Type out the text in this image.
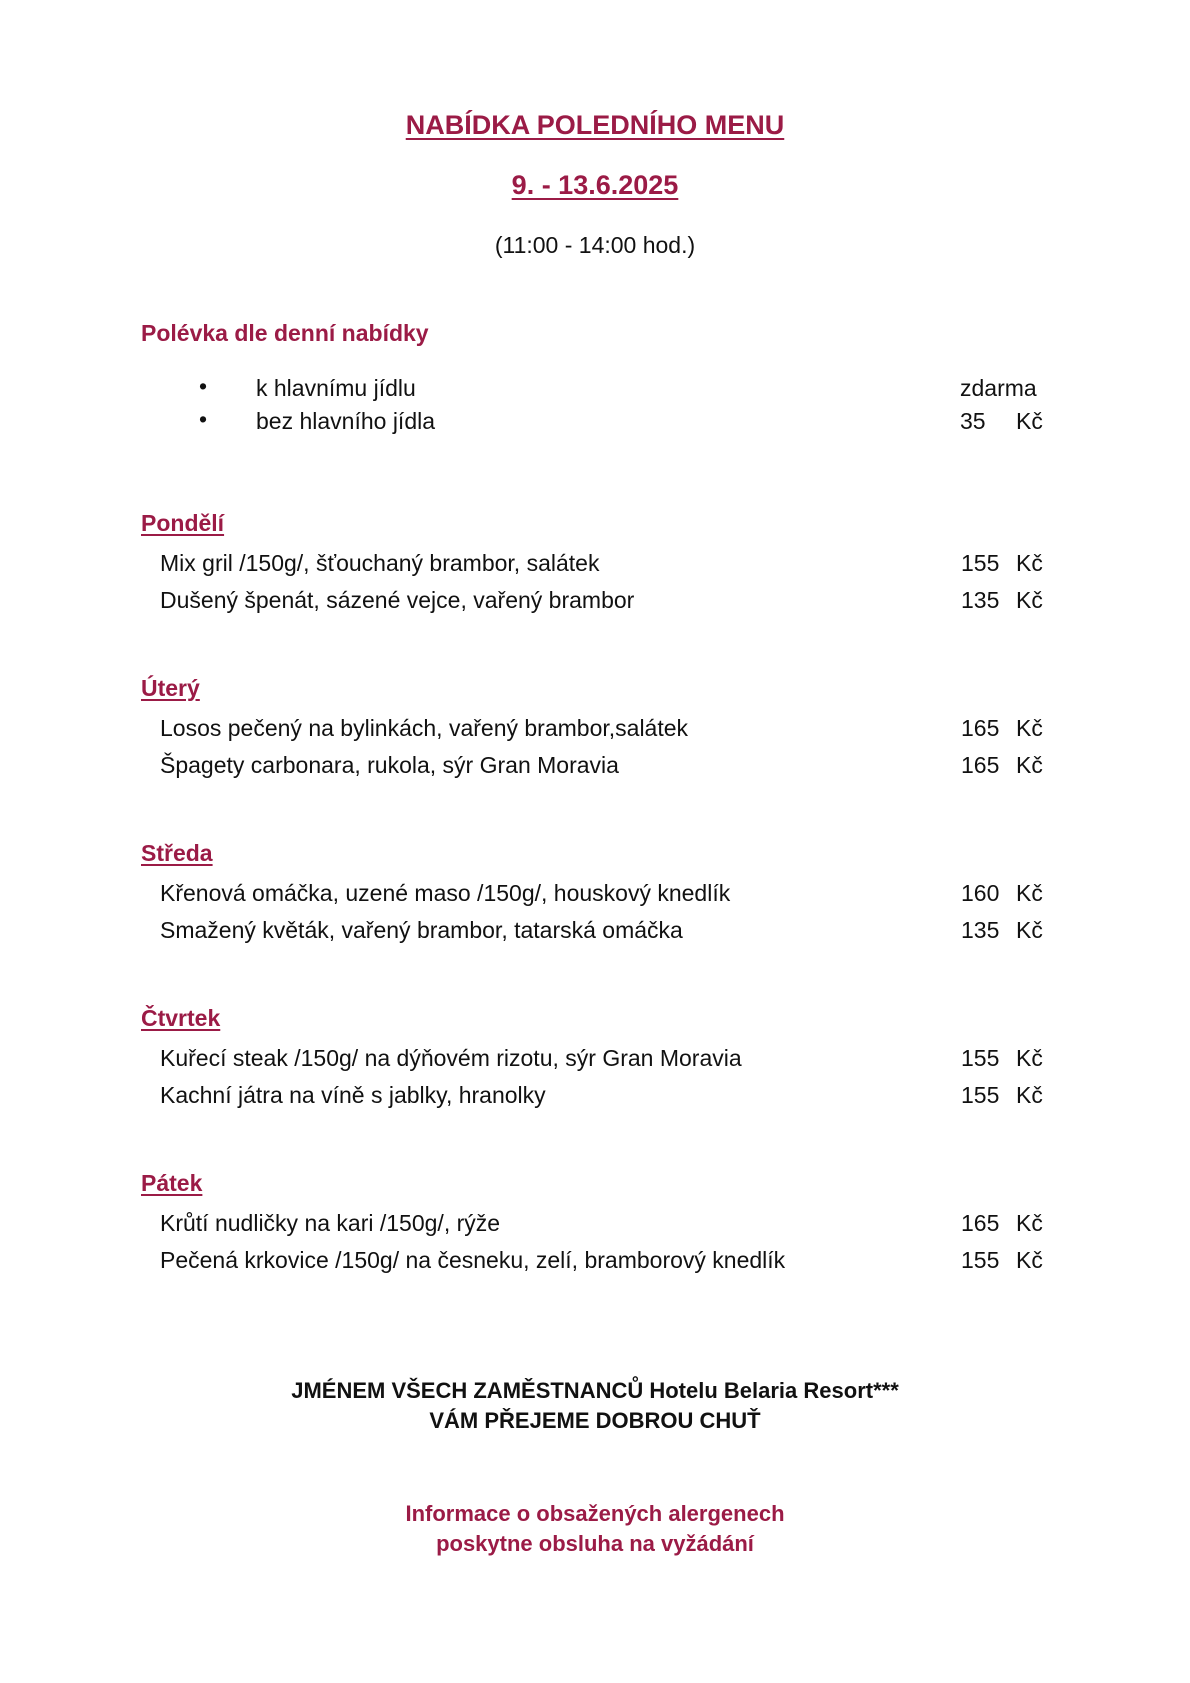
NABÍDKA POLEDNÍHO MENU
9. - 13.6.2025
(11:00 - 14:00 hod.)
Polévka dle denní nabídky
• k hlavnímu jídlu	zdarma
• bez hlavního jídla	35 Kč
Pondělí
Mix gril /150g/, šťouchaný brambor, salátek	155 Kč
Dušený špenát, sázené vejce, vařený brambor	135 Kč
Úterý
Losos pečený na bylinkách, vařený brambor,salátek	165 Kč
Špagety carbonara, rukola, sýr Gran Moravia	165 Kč
Středa
Křenová omáčka, uzené maso /150g/, houskový knedlík	160 Kč
Smažený květák, vařený brambor, tatarská omáčka	135 Kč
Čtvrtek
Kuřecí steak /150g/ na dýňovém rizotu, sýr Gran Moravia	155 Kč
Kachní játra na víně s jablky, hranolky	155 Kč
Pátek
Krůtí nudličky na kari /150g/, rýže	165 Kč
Pečená krkovice /150g/ na česneku, zelí, bramborový knedlík	155 Kč
JMÉNEM VŠECH ZAMĚSTNANCŮ Hotelu Belaria Resort***
VÁM PŘEJEME DOBROU CHUŤ
Informace o obsažených alergenech
poskytne obsluha na vyžádání
